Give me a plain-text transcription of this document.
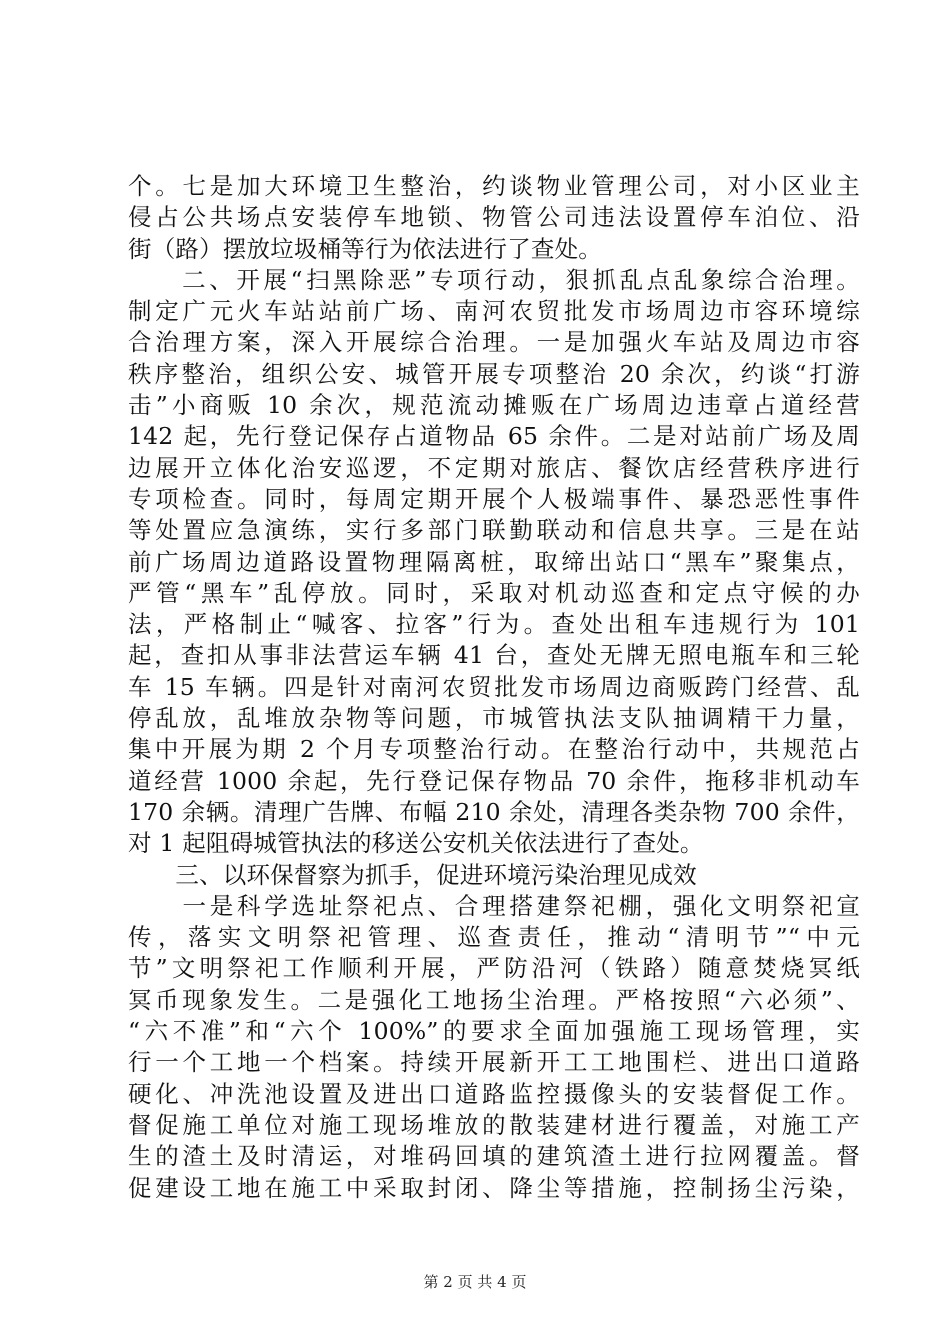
个。七是加大环境卫生整治，约谈物业管理公司，对小区业主
侵占公共场点安装停车地锁、物管公司违法设置停车泊位、沿
街（路）摆放垃圾桶等行为依法进行了查处。
　　二、开展“扫黑除恶”专项行动，狠抓乱点乱象综合治理。
制定广元火车站站前广场、南河农贸批发市场周边市容环境综
合治理方案，深入开展综合治理。一是加强火车站及周边市容
秩序整治，组织公安、城管开展专项整治 20 余次，约谈“打游
击”小商贩 10 余次，规范流动摊贩在广场周边违章占道经营
142 起，先行登记保存占道物品 65 余件。二是对站前广场及周
边展开立体化治安巡逻，不定期对旅店、餐饮店经营秩序进行
专项检查。同时，每周定期开展个人极端事件、暴恐恶性事件
等处置应急演练，实行多部门联勤联动和信息共享。三是在站
前广场周边道路设置物理隔离桩，取缔出站口“黑车”聚集点，
严管“黑车”乱停放。同时，采取对机动巡查和定点守候的办
法，严格制止“喊客、拉客”行为。查处出租车违规行为 101
起，查扣从事非法营运车辆 41 台，查处无牌无照电瓶车和三轮
车 15 车辆。四是针对南河农贸批发市场周边商贩跨门经营、乱
停乱放，乱堆放杂物等问题，市城管执法支队抽调精干力量，
集中开展为期 2 个月专项整治行动。在整治行动中，共规范占
道经营 1000 余起，先行登记保存物品 70 余件，拖移非机动车
170 余辆。清理广告牌、布幅 210 余处，清理各类杂物 700 余件，
对 1 起阻碍城管执法的移送公安机关依法进行了查处。
　　三、以环保督察为抓手，促进环境污染治理见成效
　　一是科学选址祭祀点、合理搭建祭祀棚，强化文明祭祀宣
传，落实文明祭祀管理、巡查责任，推动“清明节”“中元
节”文明祭祀工作顺利开展，严防沿河（铁路）随意焚烧冥纸
冥币现象发生。二是强化工地扬尘治理。严格按照“六必须”、
“六不准”和“六个 100%”的要求全面加强施工现场管理，实
行一个工地一个档案。持续开展新开工工地围栏、进出口道路
硬化、冲洗池设置及进出口道路监控摄像头的安装督促工作。
督促施工单位对施工现场堆放的散装建材进行覆盖，对施工产
生的渣土及时清运，对堆码回填的建筑渣土进行拉网覆盖。督
促建设工地在施工中采取封闭、降尘等措施，控制扬尘污染，
第 2 页 共 4 页
